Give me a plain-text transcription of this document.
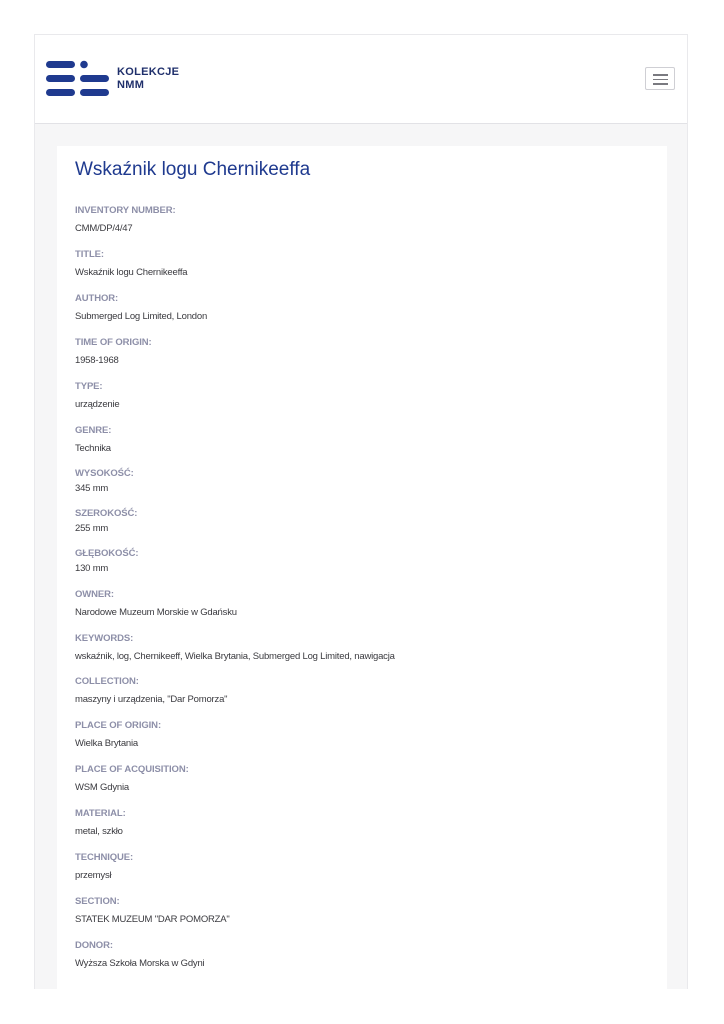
KOLEKCJE
NMM
Wskaźnik logu Chernikeeffa
INVENTORY NUMBER:
CMM/DP/4/47
TITLE:
Wskaźnik logu Chernikeeffa
AUTHOR:
Submerged Log Limited, London
TIME OF ORIGIN:
1958-1968
TYPE:
urządzenie
GENRE:
Technika
WYSOKOŚĆ:
345 mm
SZEROKOŚĆ:
255 mm
GŁĘBOKOŚĆ:
130 mm
OWNER:
Narodowe Muzeum Morskie w Gdańsku
KEYWORDS:
wskaźnik, log, Chernikeeff, Wielka Brytania, Submerged Log Limited, nawigacja
COLLECTION:
maszyny i urządzenia, "Dar Pomorza"
PLACE OF ORIGIN:
Wielka Brytania
PLACE OF ACQUISITION:
WSM Gdynia
MATERIAL:
metal, szkło
TECHNIQUE:
przemysł
SECTION:
STATEK MUZEUM "DAR POMORZA"
DONOR:
Wyższa Szkoła Morska w Gdyni
